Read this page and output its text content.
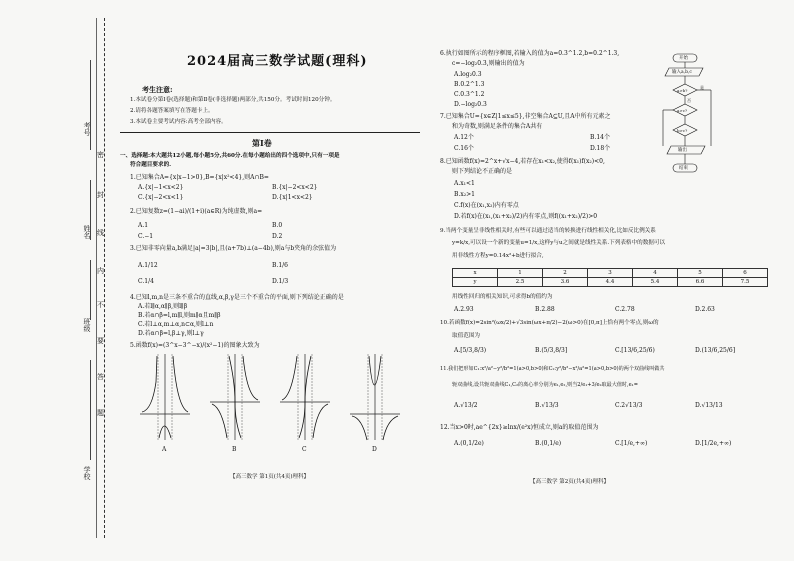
考号
姓名
班级
学校
密
封
线
内
不
要
答
题
2024届高三数学试题(理科)
考生注意:
1.本试卷分第Ⅰ卷(选择题)和第Ⅱ卷(非选择题)两部分,共150分。考试时间120分钟。
2.请将各题答案填写在答题卡上。
3.本试卷主要考试内容:高考全部内容。
第Ⅰ卷
一、选择题:本大题共12小题,每小题5分,共60分.在每小题给出的四个选项中,只有一项是
符合题目要求的.
1.已知集合A={x|x−1>0},B={x|x²<4},则A∩B=
A.{x|−1<x<2}	B.{x|−2<x<2}
C.{x|−2<x<1}	D.{x|1<x<2}
2.已知复数z=(1−ai)/(1+i)(a∈R)为纯虚数,则a=
A.1	B.0
C.−1	D.2
3.已知非零向量a,b满足|a|=3|b|,且(a+7b)⊥(a−4b),则a与b夹角的余弦值为
A.1/12	B.1/6
C.1/4	D.1/3
4.已知l,m,n是三条不重合的直线,α,β,γ是三个不重合的平面,则下列结论正确的是
A.若l∥α,α∥β,则l∥β
B.若α∩β=l,m∥l,则m∥α且m∥β
C.若l⊥α,m⊥α,n⊂α,则l⊥n
D.若α∩β=l,β⊥γ,则l⊥γ
5.函数f(x)=(3^x−3^−x)/(x²−1)的图象大致为
A	B	C	D
【高三数学 第1页(共4页)理科】
6.执行如图所示的程序框图,若输入的值为a=0.3^1.2,b=0.2^1.3,
c=−log₂0.3,则输出的值为
A.log₂0.3
B.0.2^1.3
C.0.3^1.2
D.−log₂0.3
开始
输入a,b,c
a>b?
a>c?
b>c?
输出
结束
是
否
7.已知集合U={x∈Z|1≤x≤5},非空集合A⊆U,且A中所有元素之
和为奇数,则满足条件的集合A共有
A.12个	B.14个
C.16个	D.18个
8.已知函数f(x)=2^x+√x−4,若存在x₁<x₂,使得f(x₁)f(x₂)<0,
则下列结论不正确的是
A.x₁<1
B.x₂>1
C.f(x)在(x₁,x₂)内有零点
D.若f(x)在(x₁,(x₁+x₂)/2)内有零点,则f((x₁+x₂)/2)>0
9.当两个变量呈非线性相关时,有些可以通过适当的转换进行线性相关化,比如反比例关系
y=k/x,可以设一个新的变量u=1/x,这样y与u之间就是线性关系.下列表格中的数据可以
用非线性方程y=0.14x²+b进行拟合,
x	1	2	3	4	5	6
y	2.5	3.6	4.4	5.4	6.6	7.5
用线性回归的相关知识,可求得b的值约为
A.2.93	B.2.88	C.2.78	D.2.63
10.若函数f(x)=2sin²(ωx/2)+√3sin(ωx+π/2)−2(ω>0)在[0,π]上恰有两个零点,则ω的
取值范围为
A.[5/3,8/3)	B.(5/3,8/3]	C.[13/6,25/6)	D.(13/6,25/6]
11.我们把形如C₁:x²/a²−y²/b²=1(a>0,b>0)和C₂:y²/b²−x²/a²=1(a>0,b>0)的两个双曲线叫做共
轭双曲线,设共轭双曲线C₁,C₂的离心率分别为e₁,e₂,则当2/e₁+3/e₂取最大值时,e₁=
A.√13/2	B.√13/3	C.2√13/3	D.√13/13
12.当x>0时,ae^{2x}≥lnx/(e²x)恒成立,则a的取值范围为
A.(0,1/2e)	B.(0,1/e)	C.[1/e,+∞)	D.[1/2e,+∞)
【高三数学 第2页(共4页)理科】
